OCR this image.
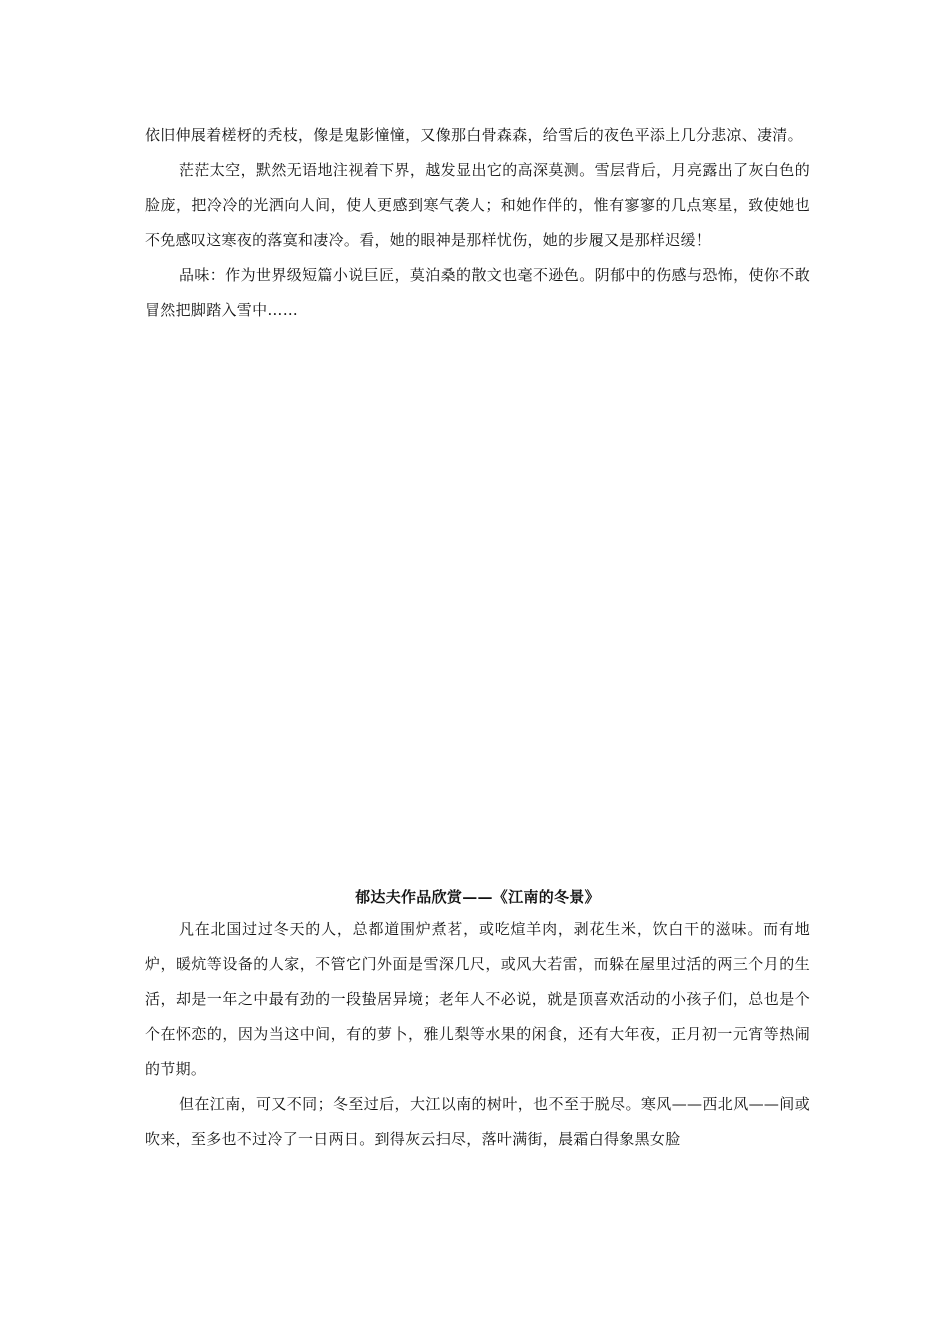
依旧伸展着槎枒的秃枝，像是鬼影憧憧，又像那白骨森森，给雪后的夜色平添上几分悲凉、凄清。

茫茫太空，默然无语地注视着下界，越发显出它的高深莫测。雪层背后，月亮露出了灰白色的脸庞，把冷冷的光洒向人间，使人更感到寒气袭人；和她作伴的，惟有寥寥的几点寒星，致使她也不免感叹这寒夜的落寞和凄冷。看，她的眼神是那样忧伤，她的步履又是那样迟缓！

品味：作为世界级短篇小说巨匠，莫泊桑的散文也毫不逊色。阴郁中的伤感与恐怖，使你不敢冒然把脚踏入雪中……

郁达夫作品欣赏——《江南的冬景》

凡在北国过过冬天的人，总都道围炉煮茗，或吃煊羊肉，剥花生米，饮白干的滋味。而有地炉，暖炕等设备的人家，不管它门外面是雪深几尺，或风大若雷，而躲在屋里过活的两三个月的生活，却是一年之中最有劲的一段蛰居异境；老年人不必说，就是顶喜欢活动的小孩子们，总也是个个在怀恋的，因为当这中间，有的萝卜，雅儿梨等水果的闲食，还有大年夜，正月初一元宵等热闹的节期。

但在江南，可又不同；冬至过后，大江以南的树叶，也不至于脱尽。寒风——西北风——间或吹来，至多也不过冷了一日两日。到得灰云扫尽，落叶满街，晨霜白得象黑女脸
